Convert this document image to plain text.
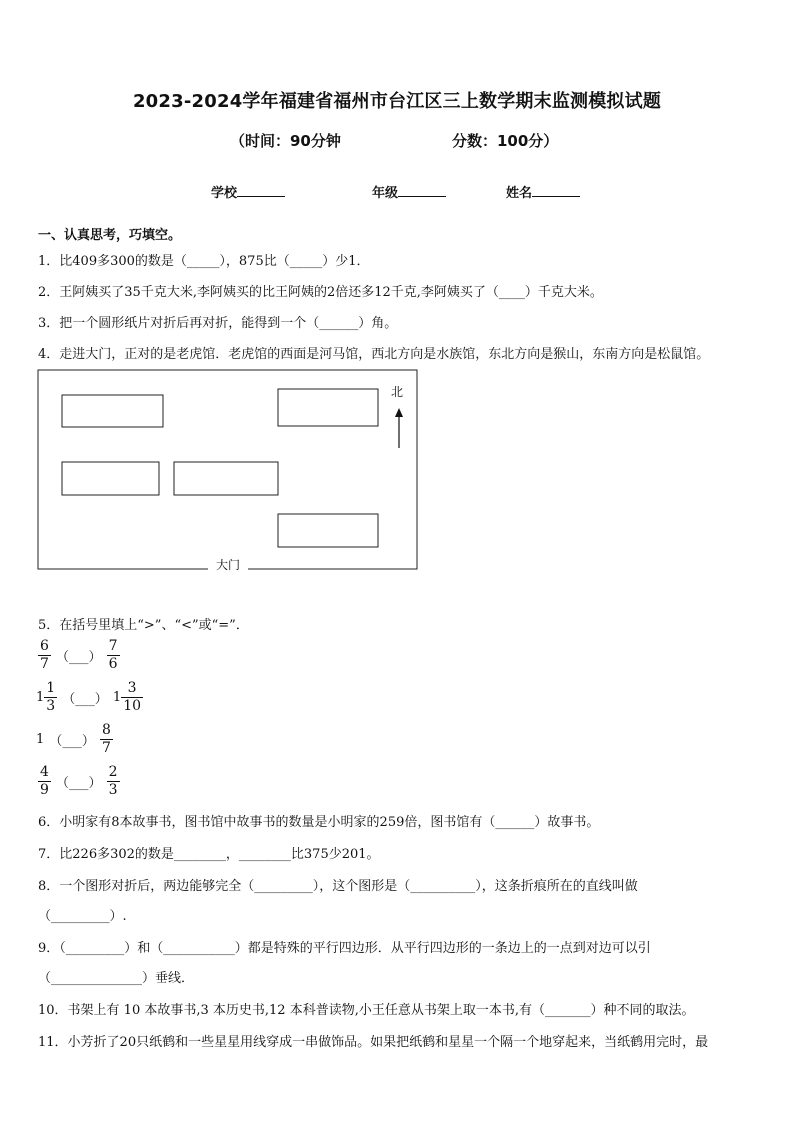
2023-2024学年福建省福州市台江区三上数学期末监测模拟试题
（时间：90分钟	分数：100分）
学校	年级	姓名
一、认真思考，巧填空。
1．比409多300的数是（_____），875比（_____）少1．
2．王阿姨买了35千克大米,李阿姨买的比王阿姨的2倍还多12千克,李阿姨买了（____）千克大米。
3．把一个圆形纸片对折后再对折，能得到一个（______）角。
4．走进大门，正对的是老虎馆．老虎馆的西面是河马馆，西北方向是水族馆，东北方向是猴山，东南方向是松鼠馆。
大门
北
5．在括号里填上“>”、“<”或“=”．
$\frac{6}{7}$ （___） $\frac{7}{6}$
$1 \frac{1}{3}$ （___） $1 \frac{3}{10}$
1 （___） $\frac{8}{7}$
$\frac{4}{9}$ （___） $\frac{2}{3}$
6．小明家有8本故事书，图书馆中故事书的数量是小明家的259倍，图书馆有（______）故事书。
7．比226多302的数是________，________比375少201。
8．一个图形对折后，两边能够完全（_________），这个图形是（__________），这条折痕所在的直线叫做
（_________）.
9．（_________）和（___________）都是特殊的平行四边形．从平行四边形的一条边上的一点到对边可以引
（______________）垂线．
10．书架上有 10 本故事书,3 本历史书,12 本科普读物,小王任意从书架上取一本书,有（_______）种不同的取法。
11．小芳折了20只纸鹤和一些星星用线穿成一串做饰品。如果把纸鹤和星星一个隔一个地穿起来，当纸鹤用完时，最
